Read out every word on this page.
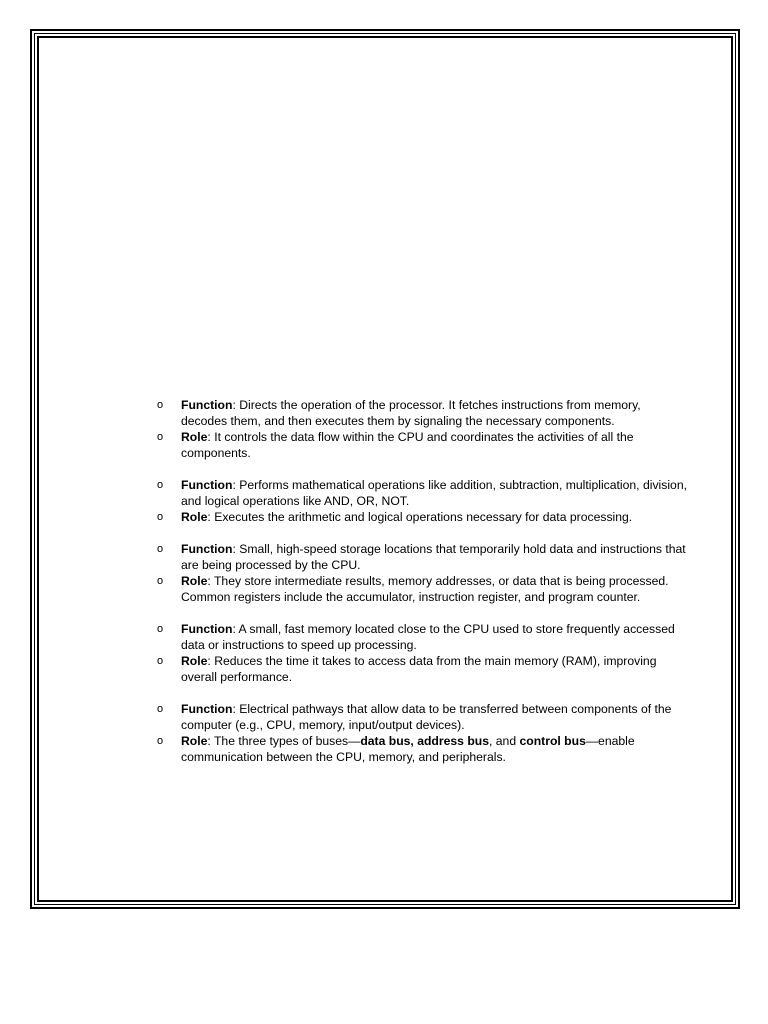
o Function: Directs the operation of the processor. It fetches instructions from memory, decodes them, and then executes them by signaling the necessary components.
o Role: It controls the data flow within the CPU and coordinates the activities of all the components.
o Function: Performs mathematical operations like addition, subtraction, multiplication, division, and logical operations like AND, OR, NOT.
o Role: Executes the arithmetic and logical operations necessary for data processing.
o Function: Small, high-speed storage locations that temporarily hold data and instructions that are being processed by the CPU.
o Role: They store intermediate results, memory addresses, or data that is being processed. Common registers include the accumulator, instruction register, and program counter.
o Function: A small, fast memory located close to the CPU used to store frequently accessed data or instructions to speed up processing.
o Role: Reduces the time it takes to access data from the main memory (RAM), improving overall performance.
o Function: Electrical pathways that allow data to be transferred between components of the computer (e.g., CPU, memory, input/output devices).
o Role: The three types of buses—data bus, address bus, and control bus—enable communication between the CPU, memory, and peripherals.
